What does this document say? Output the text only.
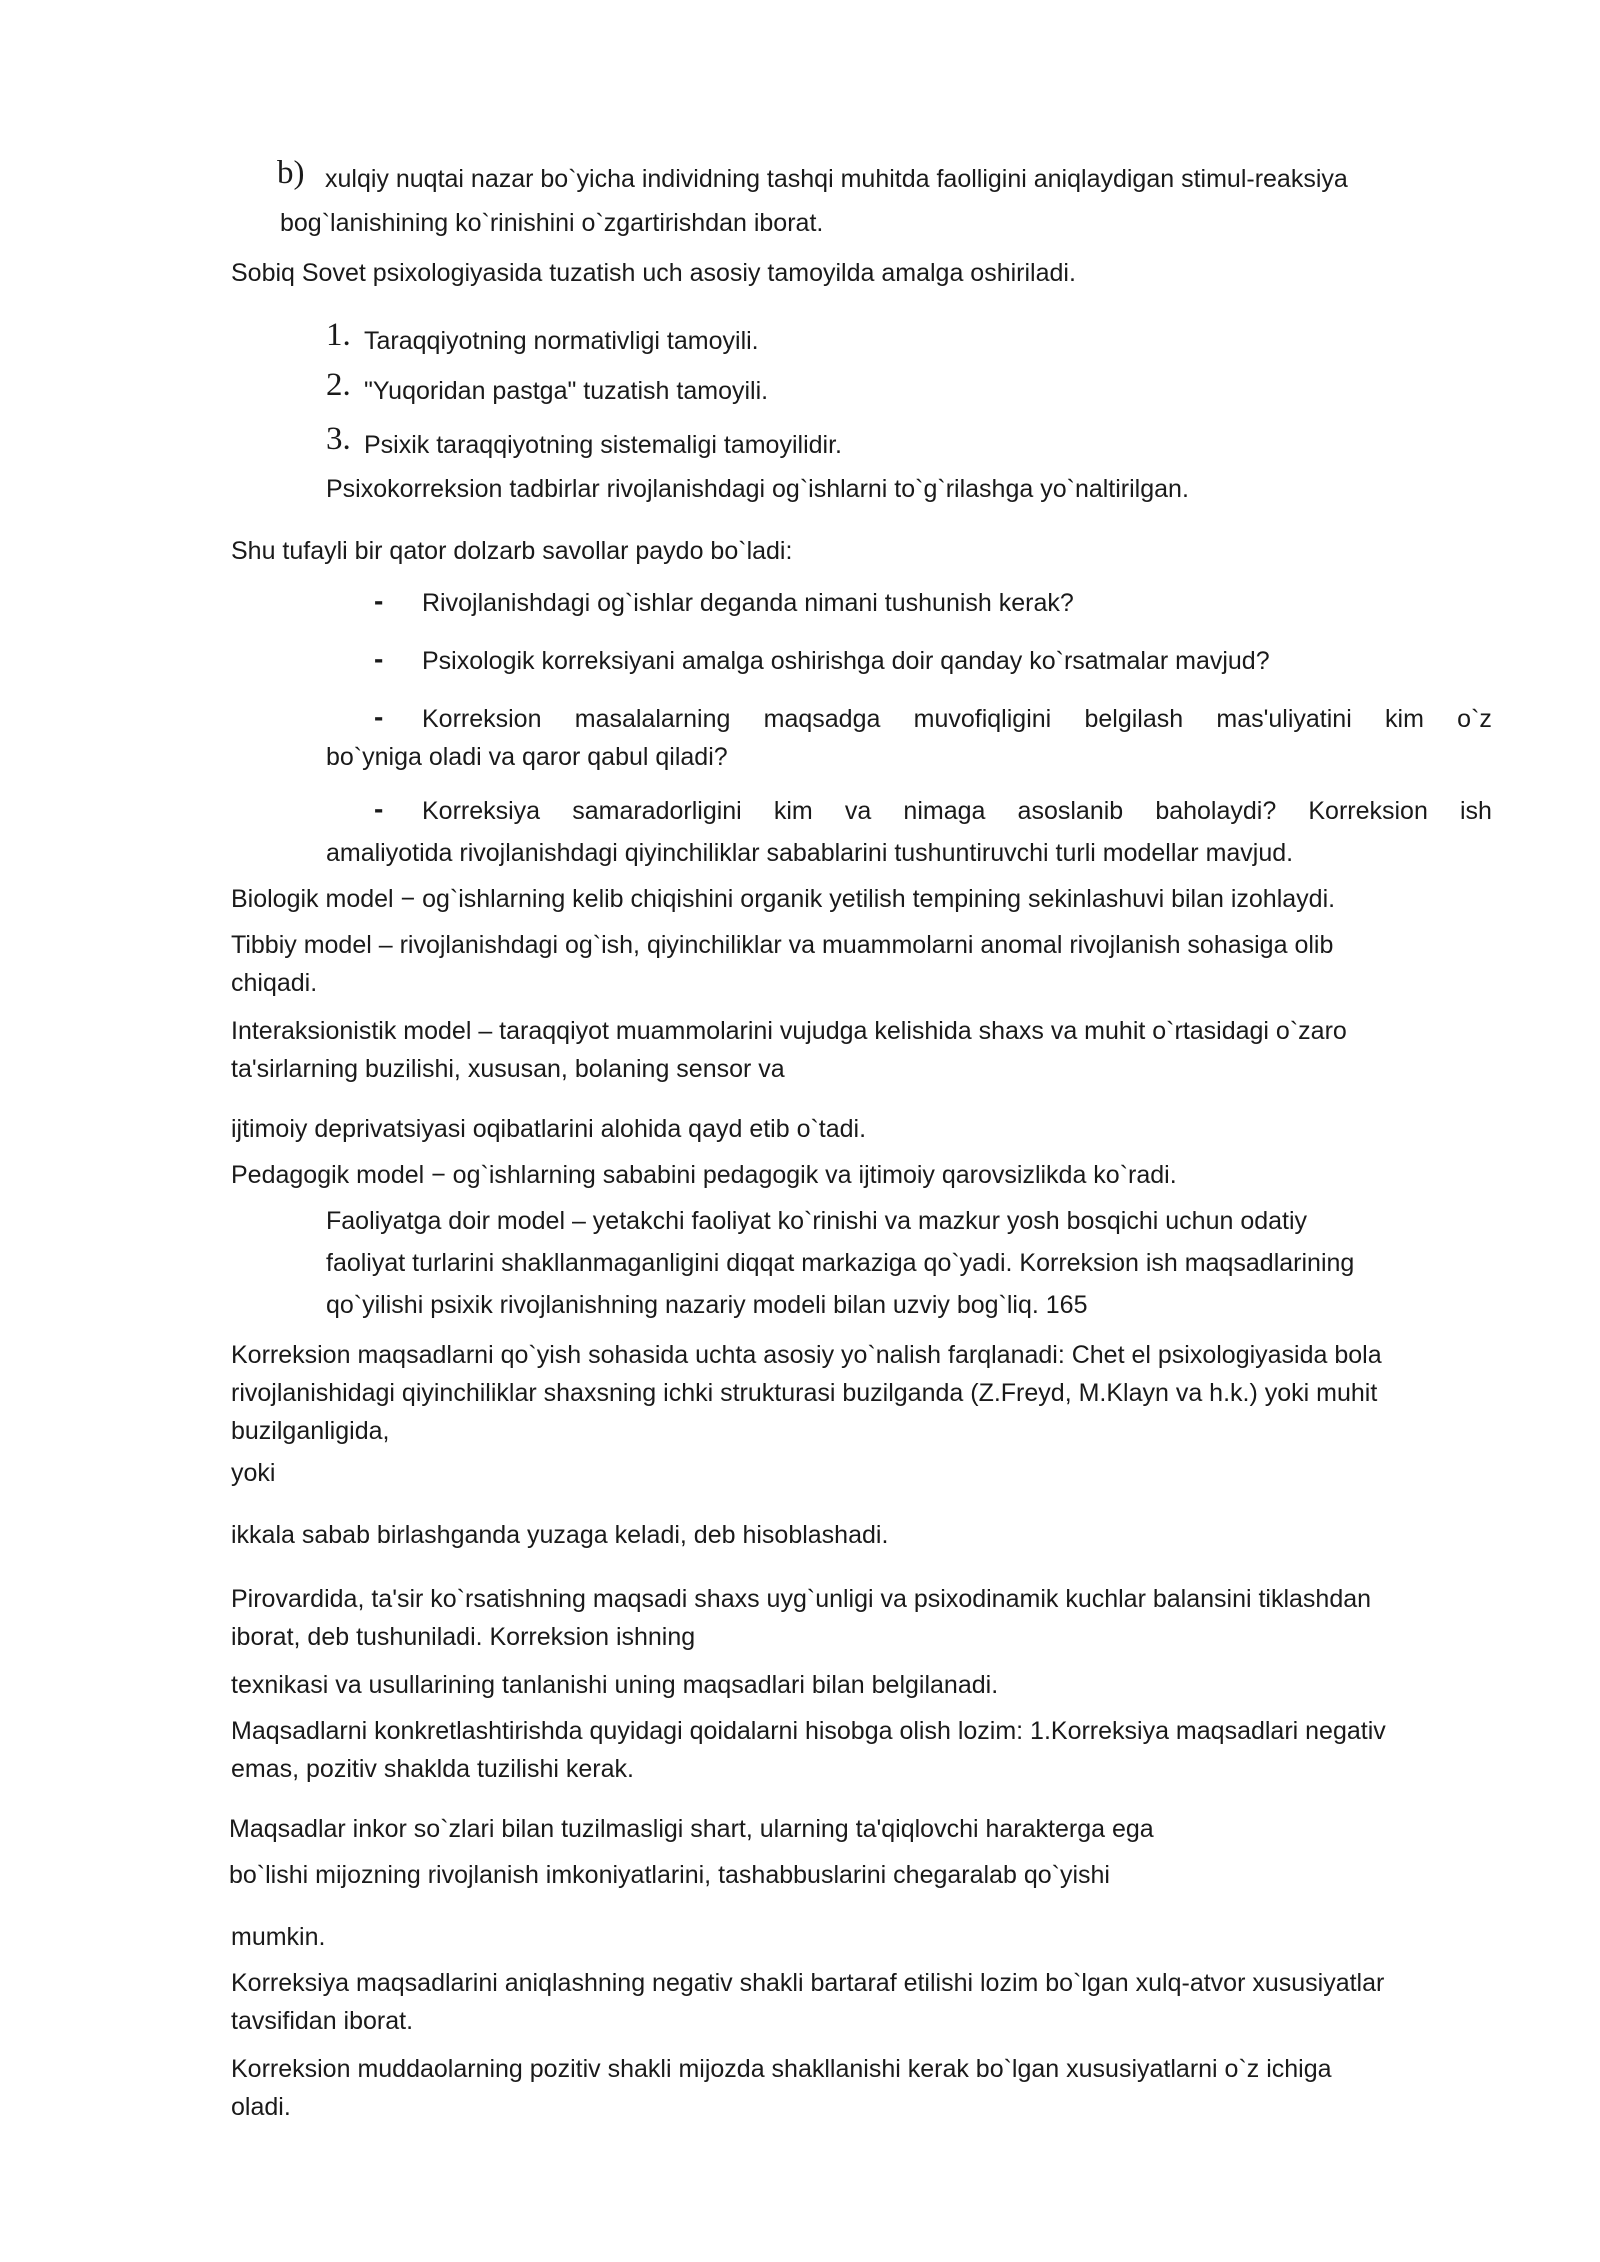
b) xulqiy nuqtai nazar bo`yicha individning tashqi muhitda faolligini aniqlaydigan stimul-reaksiya
bog`lanishining ko`rinishini o`zgartirishdan iborat.
Sobiq Sovet psixologiyasida tuzatish uch asosiy tamoyilda amalga oshiriladi.
1. Taraqqiyotning normativligi tamoyili.
2. "Yuqoridan pastga" tuzatish tamoyili.
3. Psixik taraqqiyotning sistemaligi tamoyilidir.
Psixokorreksion tadbirlar rivojlanishdagi og`ishlarni to`g`rilashga yo`naltirilgan.
Shu tufayli bir qator dolzarb savollar paydo bo`ladi:
- Rivojlanishdagi og`ishlar deganda nimani tushunish kerak?
- Psixologik korreksiyani amalga oshirishga doir qanday ko`rsatmalar mavjud?
- Korreksion masalalarning maqsadga muvofiqligini belgilash mas'uliyatini kim o`z
bo`yniga oladi va qaror qabul qiladi?
- Korreksiya samaradorligini kim va nimaga asoslanib baholaydi? Korreksion ish
amaliyotida rivojlanishdagi qiyinchiliklar sabablarini tushuntiruvchi turli modellar mavjud.
Biologik model − og`ishlarning kelib chiqishini organik yetilish tempining sekinlashuvi bilan izohlaydi.
Tibbiy model – rivojlanishdagi og`ish, qiyinchiliklar va muammolarni anomal rivojlanish sohasiga olib
chiqadi.
Interaksionistik model – taraqqiyot muammolarini vujudga kelishida shaxs va muhit o`rtasidagi o`zaro
ta'sirlarning buzilishi, xususan, bolaning sensor va
ijtimoiy deprivatsiyasi oqibatlarini alohida qayd etib o`tadi.
Pedagogik model − og`ishlarning sababini pedagogik va ijtimoiy qarovsizlikda ko`radi.
Faoliyatga doir model – yetakchi faoliyat ko`rinishi va mazkur yosh bosqichi uchun odatiy
faoliyat turlarini shakllanmaganligini diqqat markaziga qo`yadi. Korreksion ish maqsadlarining
qo`yilishi psixik rivojlanishning nazariy modeli bilan uzviy bog`liq. 165
Korreksion maqsadlarni qo`yish sohasida uchta asosiy yo`nalish farqlanadi: Chet el psixologiyasida bola
rivojlanishidagi qiyinchiliklar shaxsning ichki strukturasi buzilganda (Z.Freyd, M.Klayn va h.k.) yoki muhit
buzilganligida,
yoki
ikkala sabab birlashganda yuzaga keladi, deb hisoblashadi.
Pirovardida, ta'sir ko`rsatishning maqsadi shaxs uyg`unligi va psixodinamik kuchlar balansini tiklashdan
iborat, deb tushuniladi. Korreksion ishning
texnikasi va usullarining tanlanishi uning maqsadlari bilan belgilanadi.
Maqsadlarni konkretlashtirishda quyidagi qoidalarni hisobga olish lozim: 1.Korreksiya maqsadlari negativ
emas, pozitiv shaklda tuzilishi kerak.
Maqsadlar inkor so`zlari bilan tuzilmasligi shart, ularning ta'qiqlovchi harakterga ega
bo`lishi mijozning rivojlanish imkoniyatlarini, tashabbuslarini chegaralab qo`yishi
mumkin.
Korreksiya maqsadlarini aniqlashning negativ shakli bartaraf etilishi lozim bo`lgan xulq-atvor xususiyatlar
tavsifidan iborat.
Korreksion muddaolarning pozitiv shakli mijozda shakllanishi kerak bo`lgan xususiyatlarni o`z ichiga
oladi.
